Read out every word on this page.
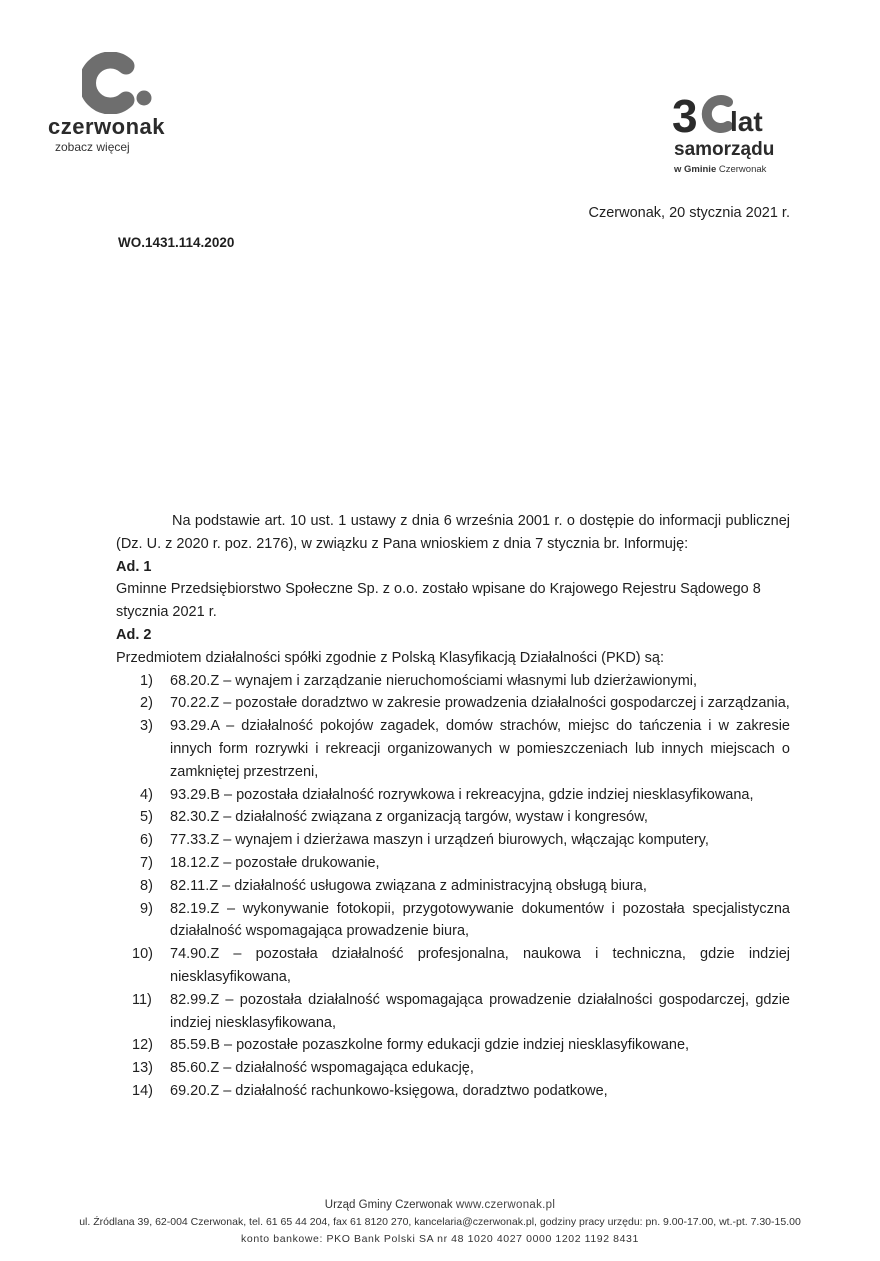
czerwonak
zobacz więcej
3 lat
samorządu
w Gminie Czerwonak
Czerwonak, 20 stycznia 2021 r.
WO.1431.114.2020

Na podstawie art. 10 ust. 1 ustawy z dnia 6 września 2001 r. o dostępie do informacji publicznej (Dz. U. z 2020 r. poz. 2176), w związku z Pana wnioskiem z dnia 7 stycznia br. Informuję:

Ad. 1

Gminne Przedsiębiorstwo Społeczne Sp. z o.o. zostało wpisane do Krajowego Rejestru Sądowego 8 stycznia 2021 r.

Ad. 2

Przedmiotem działalności spółki zgodnie z Polską Klasyfikacją Działalności (PKD) są:

1) 68.20.Z – wynajem i zarządzanie nieruchomościami własnymi lub dzierżawionymi,
2) 70.22.Z – pozostałe doradztwo w zakresie prowadzenia działalności gospodarczej i zarządzania,
3) 93.29.A – działalność pokojów zagadek, domów strachów, miejsc do tańczenia i w zakresie innych form rozrywki i rekreacji organizowanych w pomieszczeniach lub innych miejscach o zamkniętej przestrzeni,
4) 93.29.B – pozostała działalność rozrywkowa i rekreacyjna, gdzie indziej niesklasyfikowana,
5) 82.30.Z – działalność związana z organizacją targów, wystaw i kongresów,
6) 77.33.Z – wynajem i dzierżawa maszyn i urządzeń biurowych, włączając komputery,
7) 18.12.Z – pozostałe drukowanie,
8) 82.11.Z – działalność usługowa związana z administracyjną obsługą biura,
9) 82.19.Z – wykonywanie fotokopii, przygotowywanie dokumentów i pozostała specjalistyczna działalność wspomagająca prowadzenie biura,
10) 74.90.Z – pozostała działalność profesjonalna, naukowa i techniczna, gdzie indziej niesklasyfikowana,
11) 82.99.Z – pozostała działalność wspomagająca prowadzenie działalności gospodarczej, gdzie indziej niesklasyfikowana,
12) 85.59.B – pozostałe pozaszkolne formy edukacji gdzie indziej niesklasyfikowane,
13) 85.60.Z – działalność wspomagająca edukację,
14) 69.20.Z – działalność rachunkowo-księgowa, doradztwo podatkowe,
Urząd Gminy Czerwonak www.czerwonak.pl
ul. Źródlana 39, 62-004 Czerwonak, tel. 61 65 44 204, fax 61 8120 270, kancelaria@czerwonak.pl, godziny pracy urzędu: pn. 9.00-17.00, wt.-pt. 7.30-15.00
konto bankowe: PKO Bank Polski SA nr 48 1020 4027 0000 1202 1192 8431
